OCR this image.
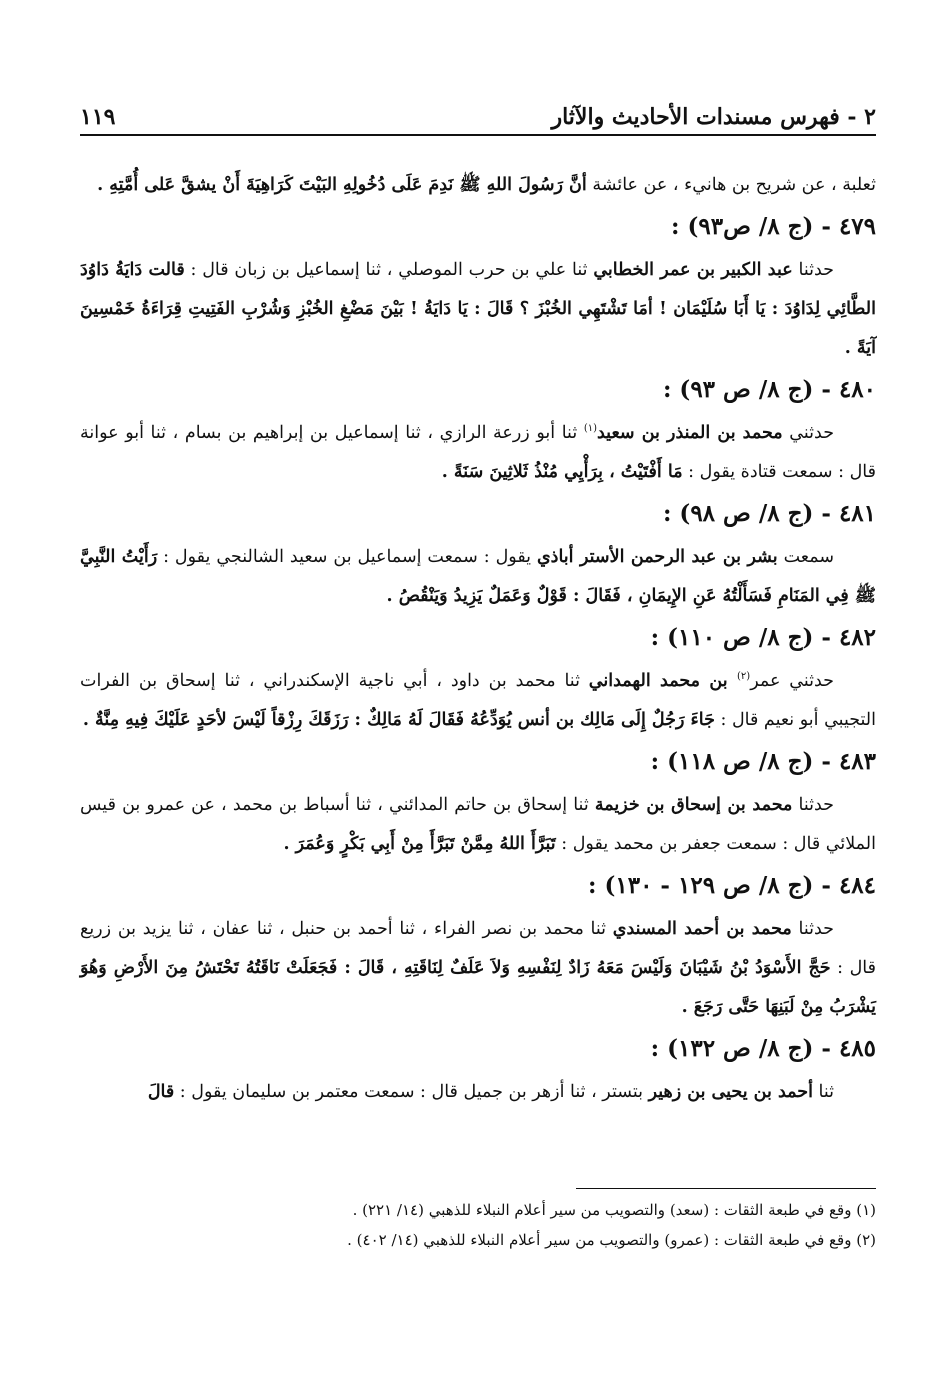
٢ - فهرس مسندات الأحاديث والآثار
١١٩

ثعلبة ، عن شريح بن هانيء ، عن عائشة أنَّ رَسُولَ اللهِ ﷺ نَدِمَ عَلَى دُخُولِهِ البَيْتَ كَرَاهِيَةَ أَنْ يشقَّ عَلى أُمَّتِهِ .

٤٧٩ - (ج ٨/ ص٩٣) :

حدثنا عبد الكبير بن عمر الخطابي ثنا علي بن حرب الموصلي ، ثنا إسماعيل بن زبان قال : قالت دَايَةُ دَاوُدَ الطَّائِي لِدَاوُدَ : يَا أَبَا سُلَيْمَان ! أمَا تَشْتَهِي الخُبْزَ ؟ قَالَ : يَا دَايَةُ ! بَيْنَ مَضْغِ الخُبْزِ وَشُرْبِ الفَتِيتِ قِرَاءَةُ خَمْسِينَ آيَةً .

٤٨٠ - (ج ٨/ ص ٩٣) :

حدثني محمد بن المنذر بن سعيد$^{(١)}$ ثنا أبو زرعة الرازي ، ثنا إسماعيل بن إبراهيم بن بسام ، ثنا أبو عوانة قال : سمعت قتادة يقول : مَا أَفْتَيْتُ ، بِرَأْيِي مُنْذُ ثَلاثِينَ سَنَةً .

٤٨١ - (ج ٨/ ص ٩٨) :

سمعت بشر بن عبد الرحمن الأستر أباذي يقول : سمعت إسماعيل بن سعيد الشالنجي يقول : رَأَيْتُ النَّبِيَّ ﷺ فِي المَنَامِ فَسَأَلْتُهُ عَنِ الإِيمَانِ ، فَقَالَ : قَوْلٌ وَعَمَلٌ يَزِيدُ وَيَنْقُصُ .

٤٨٢ - (ج ٨/ ص ١١٠) :

حدثني عمر$^{(٢)}$ بن محمد الهمداني ثنا محمد بن داود ، أبي ناجية الإسكندراني ، ثنا إسحاق بن الفرات التجيبي أبو نعيم قال : جَاءَ رَجُلٌ إِلَى مَالِك بن أنس يُوَدِّعُهُ فَقَالَ لَهُ مَالِكٌ : رَزَقَكَ رِزْقاً لَيْسَ لأحَدٍ عَلَيْكَ فِيهِ مِنَّةٌ .

٤٨٣ - (ج ٨/ ص ١١٨) :

حدثنا محمد بن إسحاق بن خزيمة ثنا إسحاق بن حاتم المدائني ، ثنا أسباط بن محمد ، عن عمرو بن قيس الملائي قال : سمعت جعفر بن محمد يقول : تَبَرَّأَ اللهُ مِمَّنْ تَبَرَّأَ مِنْ أَبِي بَكْرٍ وَعُمَرَ .

٤٨٤ - (ج ٨/ ص ١٢٩ - ١٣٠) :

حدثنا محمد بن أحمد المسندي ثنا محمد بن نصر الفراء ، ثنا أحمد بن حنبل ، ثنا عفان ، ثنا يزيد بن زريع قال : حَجَّ الأَسْوَدُ بْنُ شَيْبَانَ وَلَيْسَ مَعَهُ زَادٌ لِنَفْسِهِ وَلاَ عَلَفٌ لِنَاقَتِهِ ، قَالَ : فَجَعَلَتْ نَاقَتُهُ تَحْتَشُ مِنَ الأَرْضِ وَهُوَ يَشْرَبُ مِنْ لَبَنِهَا حَتَّى رَجَعَ .

٤٨٥ - (ج ٨/ ص ١٣٢) :

ثنا أحمد بن يحيى بن زهير بتستر ، ثنا أزهر بن جميل قال : سمعت معتمر بن سليمان يقول : قالَ

(١) وقع في طبعة الثقات : (سعد) والتصويب من سير أعلام النبلاء للذهبي (١٤/ ٢٢١) .

(٢) وقع في طبعة الثقات : (عمرو) والتصويب من سير أعلام النبلاء للذهبي (١٤/ ٤٠٢) .
